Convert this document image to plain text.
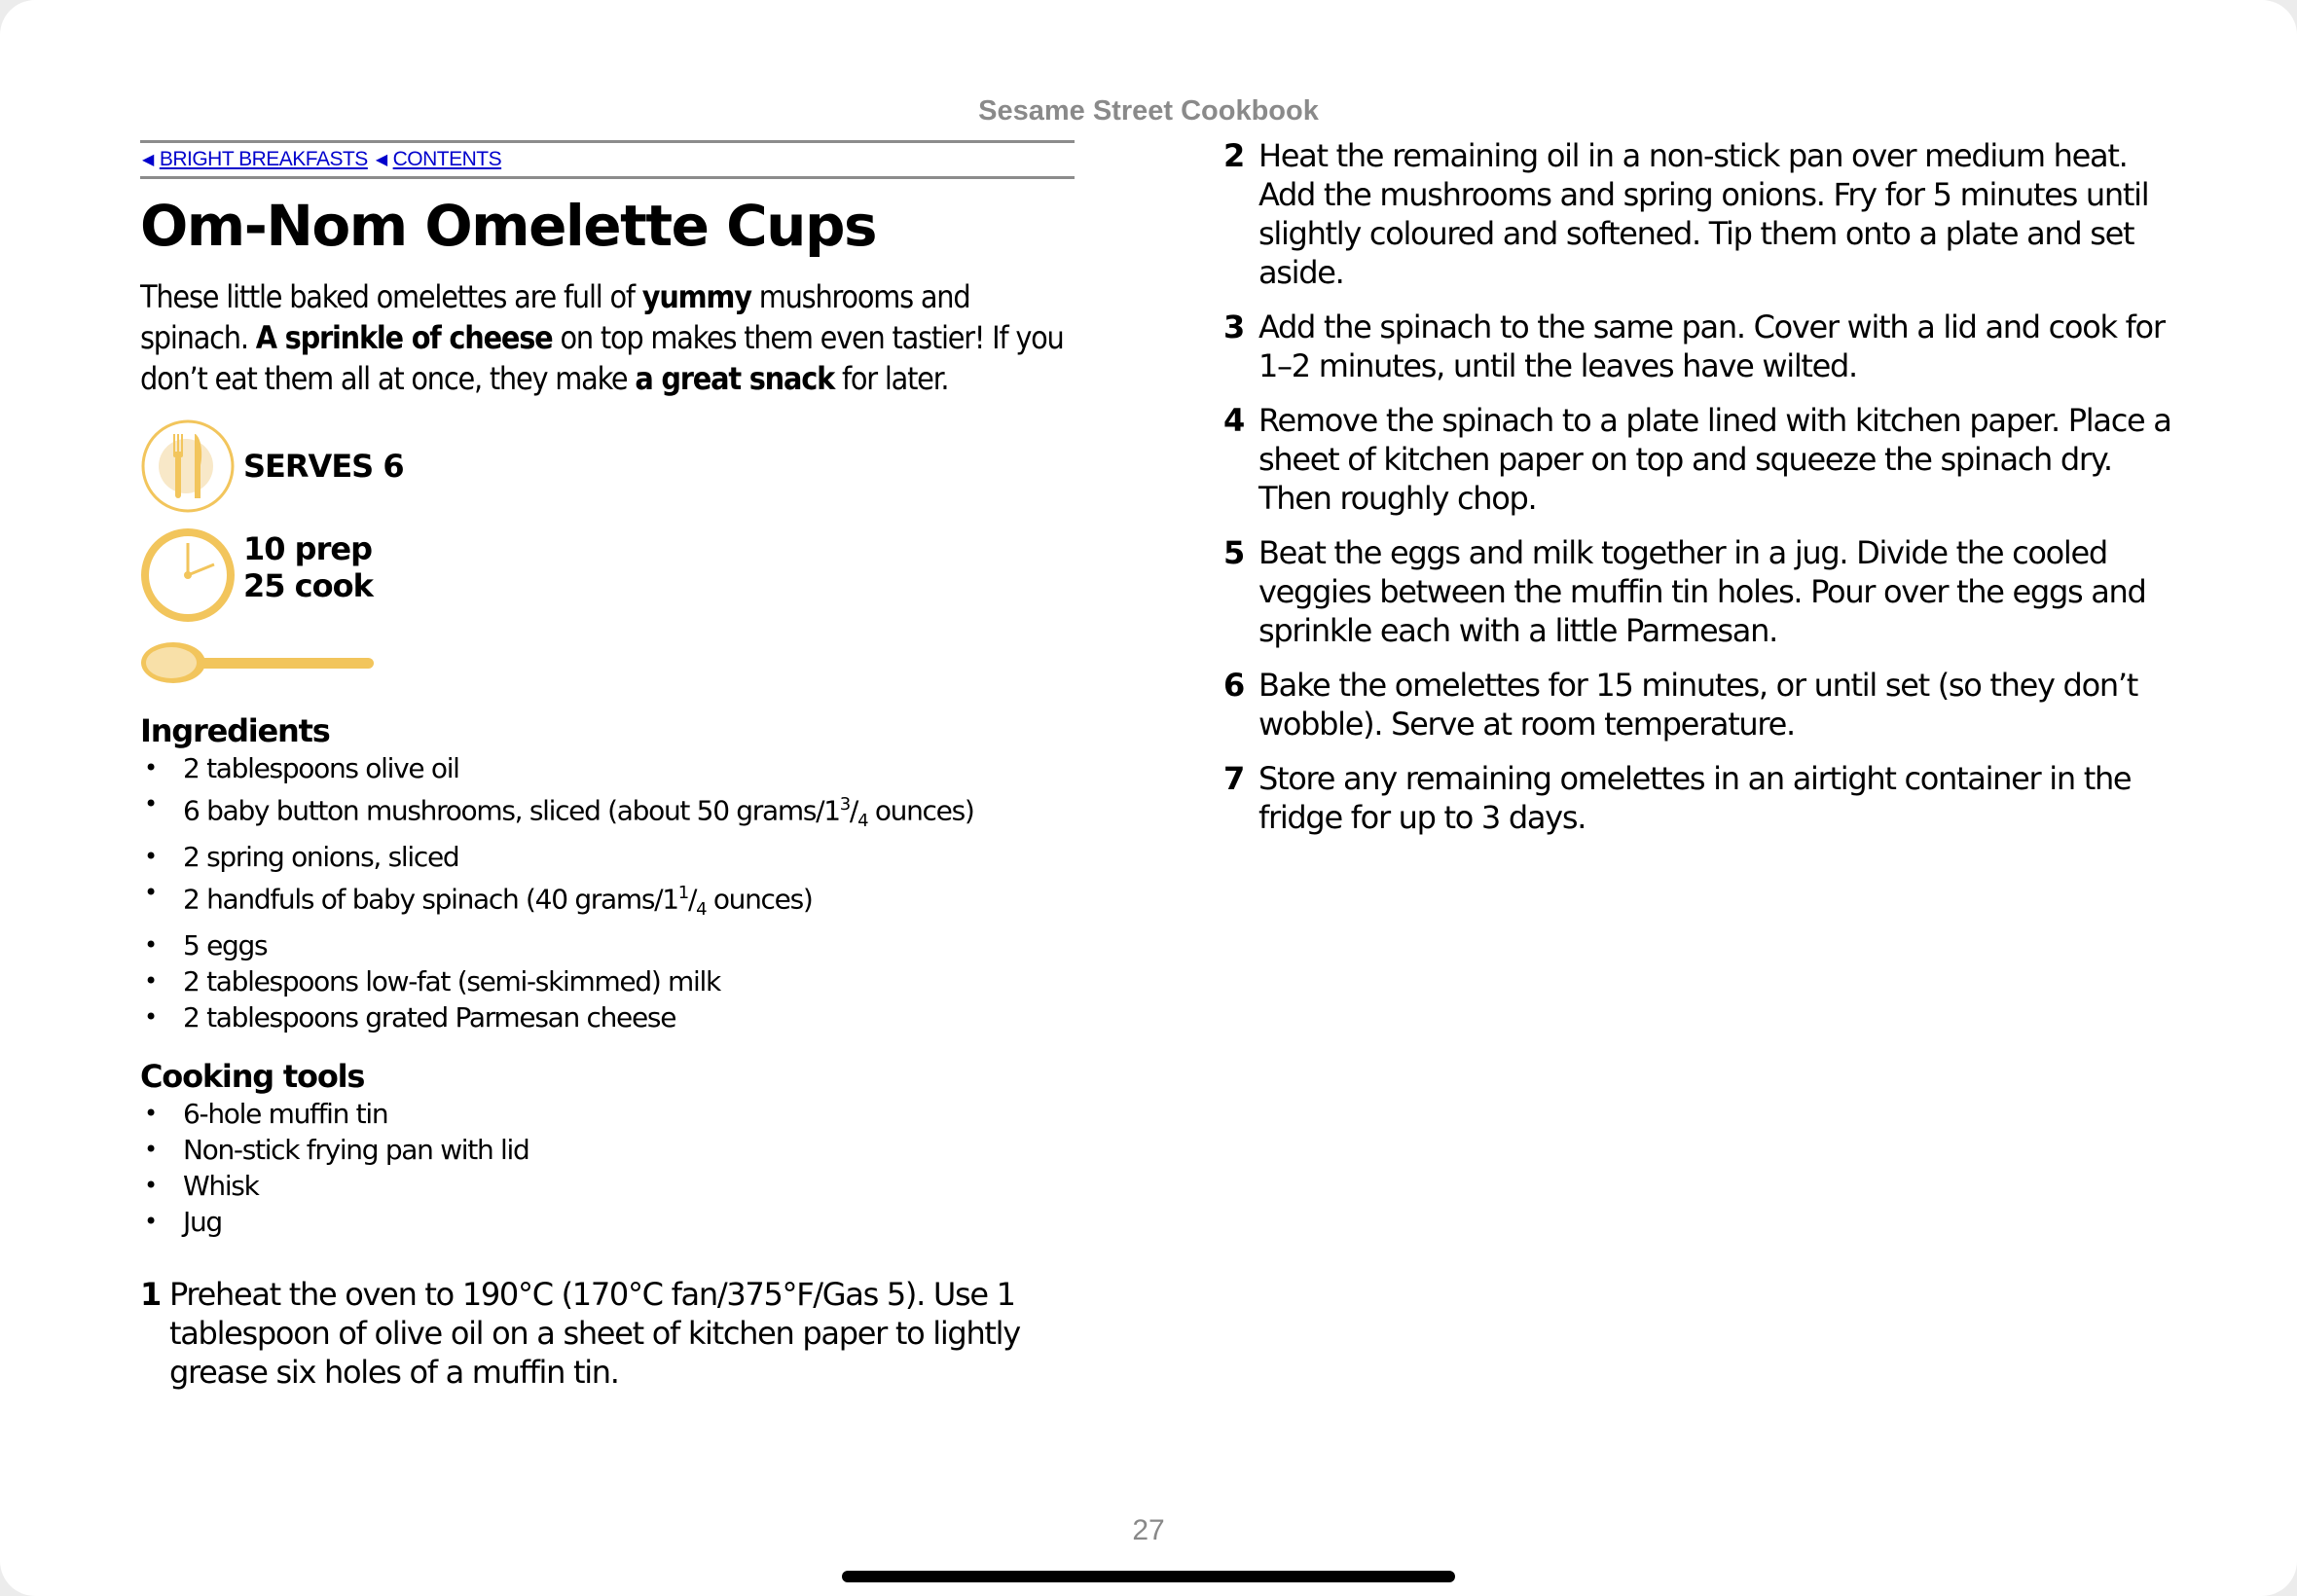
Sesame Street Cookbook
◀ BRIGHT BREAKFASTS ◀ CONTENTS
Om-Nom Omelette Cups
These little baked omelettes are full of yummy mushrooms and spinach. A sprinkle of cheese on top makes them even tastier! If you don’t eat them all at once, they make a great snack for later.
SERVES 6
10 prep
25 cook
Ingredients
• 2 tablespoons olive oil
• 6 baby button mushrooms, sliced (about 50 grams/$1^3/_4$ ounces)
• 2 spring onions, sliced
• 2 handfuls of baby spinach (40 grams/$1^1/_4$ ounces)
• 5 eggs
• 2 tablespoons low-fat (semi-skimmed) milk
• 2 tablespoons grated Parmesan cheese
Cooking tools
• 6-hole muffin tin
• Non-stick frying pan with lid
• Whisk
• Jug
1 Preheat the oven to 190°C (170°C fan/375°F/Gas 5). Use 1 tablespoon of olive oil on a sheet of kitchen paper to lightly grease six holes of a muffin tin.
2 Heat the remaining oil in a non-stick pan over medium heat. Add the mushrooms and spring onions. Fry for 5 minutes until slightly coloured and softened. Tip them onto a plate and set aside.
3 Add the spinach to the same pan. Cover with a lid and cook for 1–2 minutes, until the leaves have wilted.
4 Remove the spinach to a plate lined with kitchen paper. Place a sheet of kitchen paper on top and squeeze the spinach dry. Then roughly chop.
5 Beat the eggs and milk together in a jug. Divide the cooled veggies between the muffin tin holes. Pour over the eggs and sprinkle each with a little Parmesan.
6 Bake the omelettes for 15 minutes, or until set (so they don’t wobble). Serve at room temperature.
7 Store any remaining omelettes in an airtight container in the fridge for up to 3 days.
27
